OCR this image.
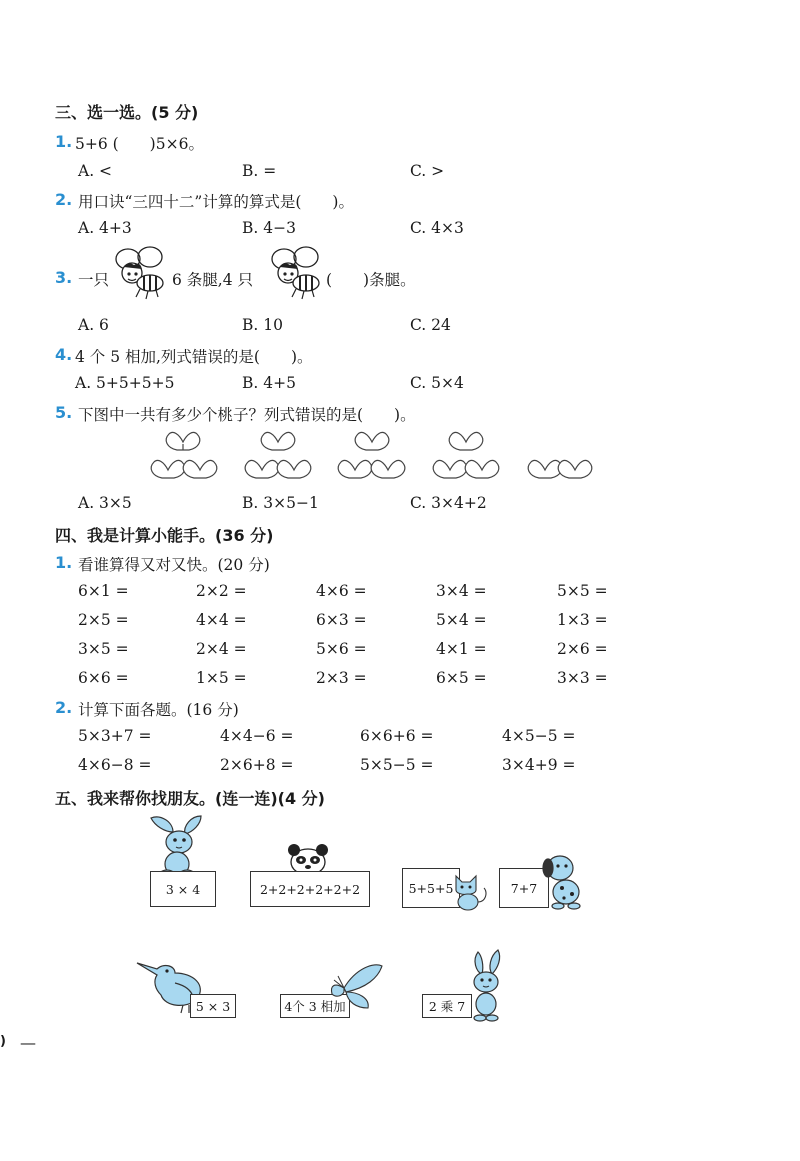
三、选一选。(5 分)
1. 5+6 (　　)5×6。
A. <	B. =	C. >
2. 用口诀“三四十二”计算的算式是(　　)。
A. 4+3	B. 4−3	C. 4×3
3. 一只	6 条腿,4 只	(　　)条腿。
A. 6	B. 10	C. 24
4. 4 个 5 相加,列式错误的是(　　)。
A. 5+5+5+5	B. 4+5	C. 5×4
5. 下图中一共有多少个桃子？列式错误的是(　　)。
A. 3×5	B. 3×5−1	C. 3×4+2
四、我是计算小能手。(36 分)
1. 看谁算得又对又快。(20 分)
6×1 =	2×2 =	4×6 =	3×4 =	5×5 =
2×5 =	4×4 =	6×3 =	5×4 =	1×3 =
3×5 =	2×4 =	5×6 =	4×1 =	2×6 =
6×6 =	1×5 =	2×3 =	6×5 =	3×3 =
2. 计算下面各题。(16 分)
5×3+7 =	4×4−6 =	6×6+6 =	4×5−5 =
4×6−8 =	2×6+8 =	5×5−5 =	3×4+9 =
五、我来帮你找朋友。(连一连)(4 分)
3 × 4	2+2+2+2+2+2	5+5+5	7+7
5 × 3	4个 3 相加	2 乘 7
) —
